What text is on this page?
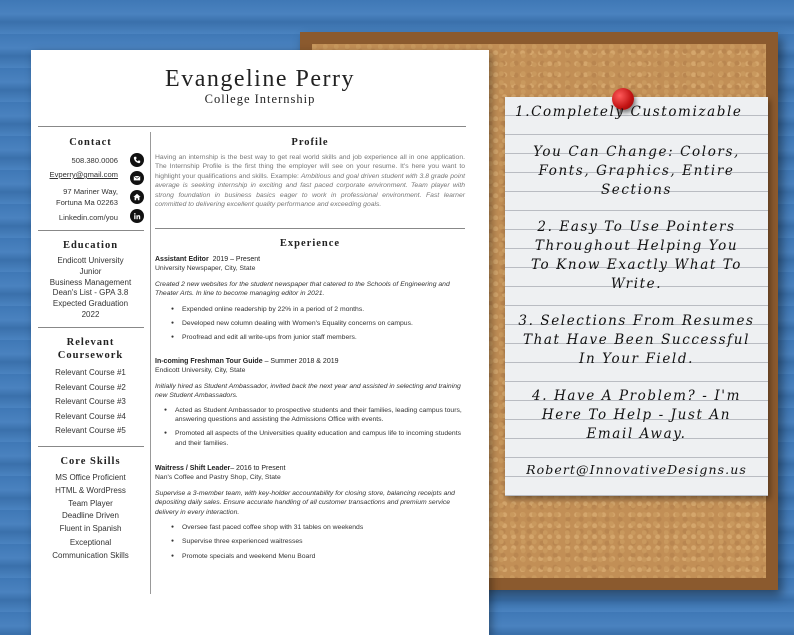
1.Completely Customizable
You Can Change: Colors,
Fonts, Graphics, Entire
Sections
2. Easy To Use Pointers
Throughout Helping You
To Know Exactly What To
Write.
3. Selections From Resumes
That Have Been Successful
In Your Field.
4. Have A Problem? - I'm
Here To Help - Just An
Email Away.
Robert@InnovativeDesigns.us
Evangeline Perry
College Internship
Contact
508.380.0006
Evperry@gmail.com
97 Mariner Way,
Fortuna Ma 02263
Linkedin.com/you
Education
Endicott University
Junior
Business Management
Dean's List - GPA 3.8
Expected Graduation
2022
Relevant
Coursework
Relevant Course #1
Relevant Course #2
Relevant Course #3
Relevant Course #4
Relevant Course #5
Core Skills
MS Office Proficient
HTML & WordPress
Team Player
Deadline Driven
Fluent in Spanish
Exceptional
Communication Skills
Profile
Having an internship is the best way to get real world skills and job experience all in one application. The Internship Profile is the first thing the employer will see on your resume. It's here you want to highlight your qualifications and skills. Example: Ambitious and goal driven student with 3.8 grade point average is seeking internship in exciting and fast paced corporate environment. Team player with strong foundation in business basics eager to work in professional environment. Fast learner committed to delivering excellent quality performance and exceeding goals.
Experience
Assistant Editor 2019 – Present
University Newspaper, City, State
Created 2 new websites for the student newspaper that catered to the Schools of Engineering and Theater Arts. In line to become managing editor in 2021.
● Expended online readership by 22% in a period of 2 months.
● Developed new column dealing with Women's Equality concerns on campus.
● Proofread and edit all write-ups from junior staff members.
In-coming Freshman Tour Guide – Summer 2018 & 2019
Endicott University, City, State
Initially hired as Student Ambassador, invited back the next year and assisted in selecting and training new Student Ambassadors.
● Acted as Student Ambassador to prospective students and their families, leading campus tours, answering questions and assisting the Admissions Office with events.
● Promoted all aspects of the Universities quality education and campus life to incoming students and their families.
Waitress / Shift Leader– 2016 to Present
Nan's Coffee and Pastry Shop, City, State
Supervise a 3-member team, with key-holder accountability for closing store, balancing receipts and depositing daily sales. Ensure accurate handling of all customer transactions and premium service delivery in every interaction.
● Oversee fast paced coffee shop with 31 tables on weekends
● Supervise three experienced waitresses
● Promote specials and weekend Menu Board
